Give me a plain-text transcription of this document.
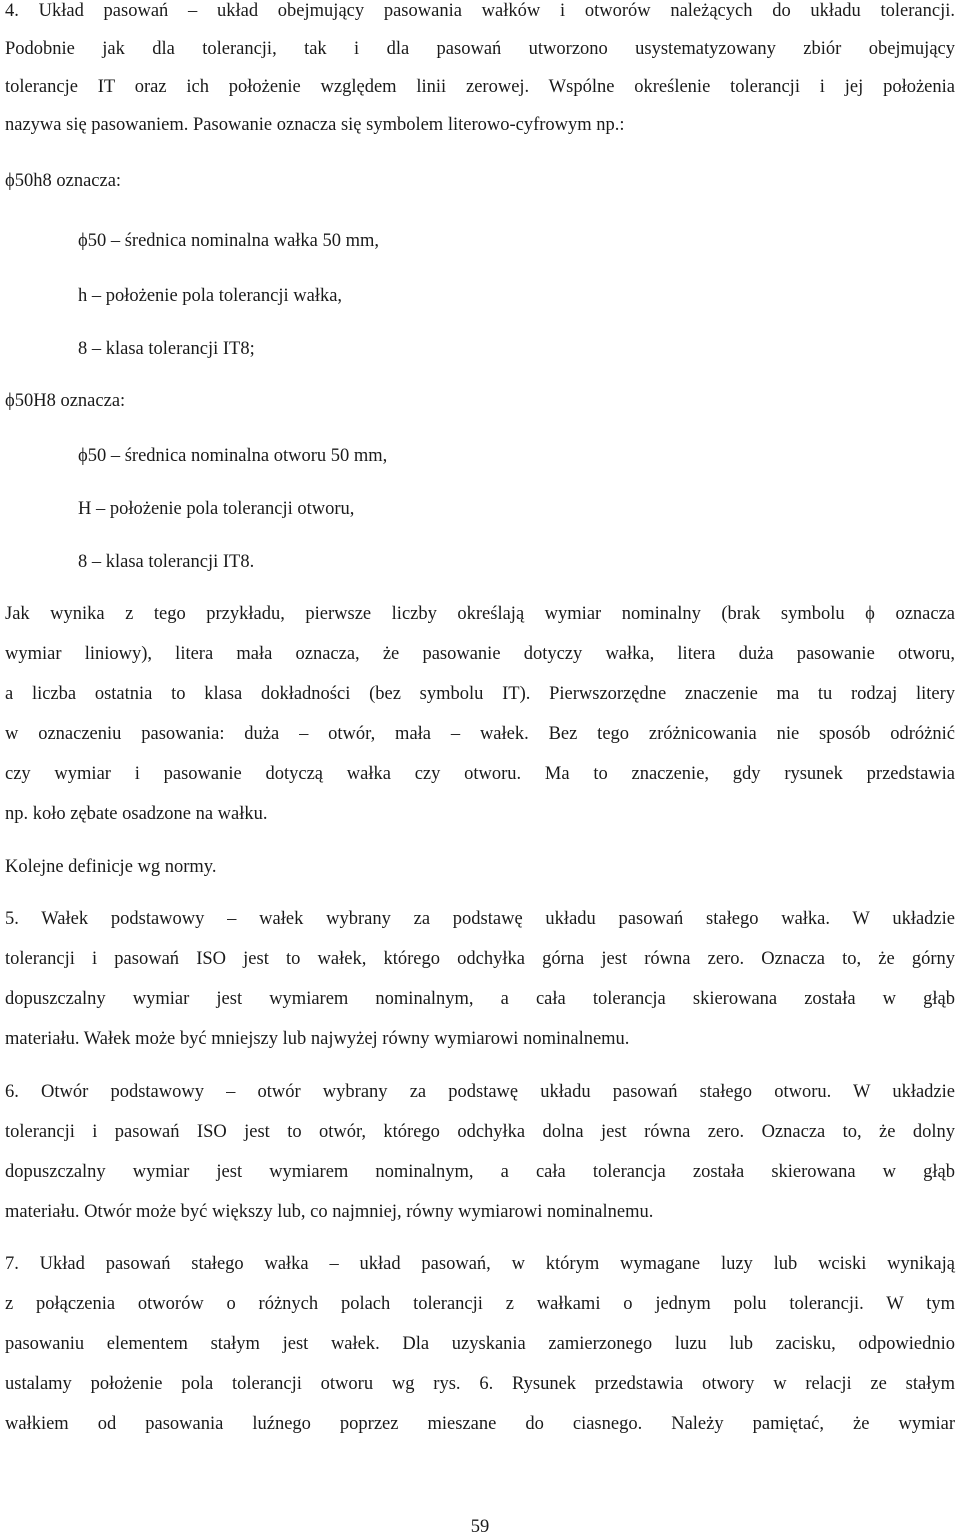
4. Układ pasowań – układ obejmujący pasowania wałków i otworów należących do układu tolerancji.
Podobnie jak dla tolerancji, tak i dla pasowań utworzono usystematyzowany zbiór obejmujący
tolerancje IT oraz ich położenie względem linii zerowej. Wspólne określenie tolerancji i jej położenia
nazywa się pasowaniem. Pasowanie oznacza się symbolem literowo-cyfrowym np.:
ϕ50h8 oznacza:
ϕ50 – średnica nominalna wałka 50 mm,
h – położenie pola tolerancji wałka,
8 – klasa tolerancji IT8;
ϕ50H8 oznacza:
ϕ50 – średnica nominalna otworu 50 mm,
H – położenie pola tolerancji otworu,
8 – klasa tolerancji IT8.
Jak wynika z tego przykładu, pierwsze liczby określają wymiar nominalny (brak symbolu ϕ oznacza
wymiar liniowy), litera mała oznacza, że pasowanie dotyczy wałka, litera duża pasowanie otworu,
a liczba ostatnia to klasa dokładności (bez symbolu IT). Pierwszorzędne znaczenie ma tu rodzaj litery
w oznaczeniu pasowania: duża – otwór, mała – wałek. Bez tego zróżnicowania nie sposób odróżnić
czy wymiar i pasowanie dotyczą wałka czy otworu. Ma to znaczenie, gdy rysunek przedstawia
np. koło zębate osadzone na wałku.
Kolejne definicje wg normy.
5. Wałek podstawowy – wałek wybrany za podstawę układu pasowań stałego wałka. W układzie
tolerancji i pasowań ISO jest to wałek, którego odchyłka górna jest równa zero. Oznacza to, że górny
dopuszczalny wymiar jest wymiarem nominalnym, a cała tolerancja skierowana została w głąb
materiału. Wałek może być mniejszy lub najwyżej równy wymiarowi nominalnemu.
6. Otwór podstawowy – otwór wybrany za podstawę układu pasowań stałego otworu. W układzie
tolerancji i pasowań ISO jest to otwór, którego odchyłka dolna jest równa zero. Oznacza to, że dolny
dopuszczalny wymiar jest wymiarem nominalnym, a cała tolerancja została skierowana w głąb
materiału. Otwór może być większy lub, co najmniej, równy wymiarowi nominalnemu.
7. Układ pasowań stałego wałka – układ pasowań, w którym wymagane luzy lub wciski wynikają
z połączenia otworów o różnych polach tolerancji z wałkami o jednym polu tolerancji. W tym
pasowaniu elementem stałym jest wałek. Dla uzyskania zamierzonego luzu lub zacisku, odpowiednio
ustalamy położenie pola tolerancji otworu wg rys. 6. Rysunek przedstawia otwory w relacji ze stałym
wałkiem od pasowania luźnego poprzez mieszane do ciasnego. Należy pamiętać, że wymiar
59
